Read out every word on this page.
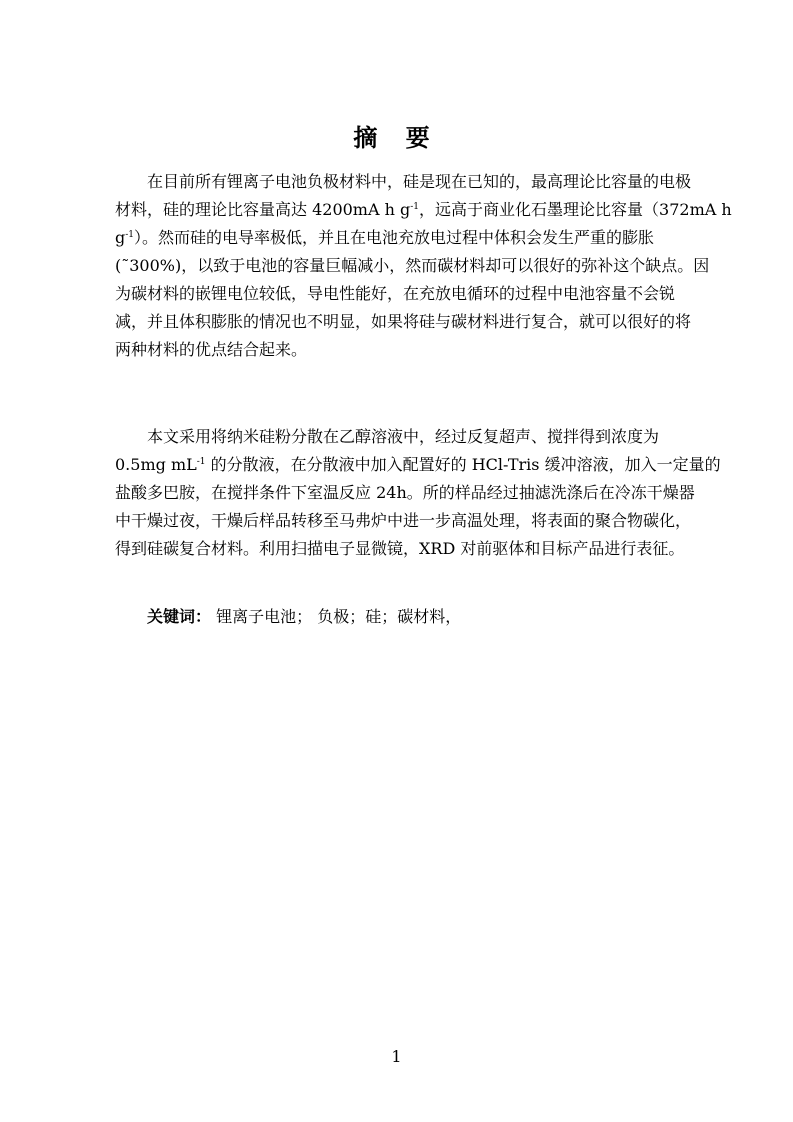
摘 要
在目前所有锂离子电池负极材料中，硅是现在已知的，最高理论比容量的电极
材料，硅的理论比容量高达 4200mA h $g^{-1}$，远高于商业化石墨理论比容量（372mA h
$g^{-1}$）。然而硅的电导率极低，并且在电池充放电过程中体积会发生严重的膨胀
(˜300%)，以致于电池的容量巨幅减小，然而碳材料却可以很好的弥补这个缺点。因
为碳材料的嵌锂电位较低，导电性能好，在充放电循环的过程中电池容量不会锐
减，并且体积膨胀的情况也不明显，如果将硅与碳材料进行复合，就可以很好的将
两种材料的优点结合起来。
本文采用将纳米硅粉分散在乙醇溶液中，经过反复超声、搅拌得到浓度为
0.5mg $mL^{-1}$ 的分散液，在分散液中加入配置好的 HCl-Tris 缓冲溶液，加入一定量的
盐酸多巴胺，在搅拌条件下室温反应 24h。所的样品经过抽滤洗涤后在冷冻干燥器
中干燥过夜，干燥后样品转移至马弗炉中进一步高温处理，将表面的聚合物碳化，
得到硅碳复合材料。利用扫描电子显微镜，XRD 对前驱体和目标产品进行表征。
关键词： 锂离子电池； 负极；硅；碳材料，
1
